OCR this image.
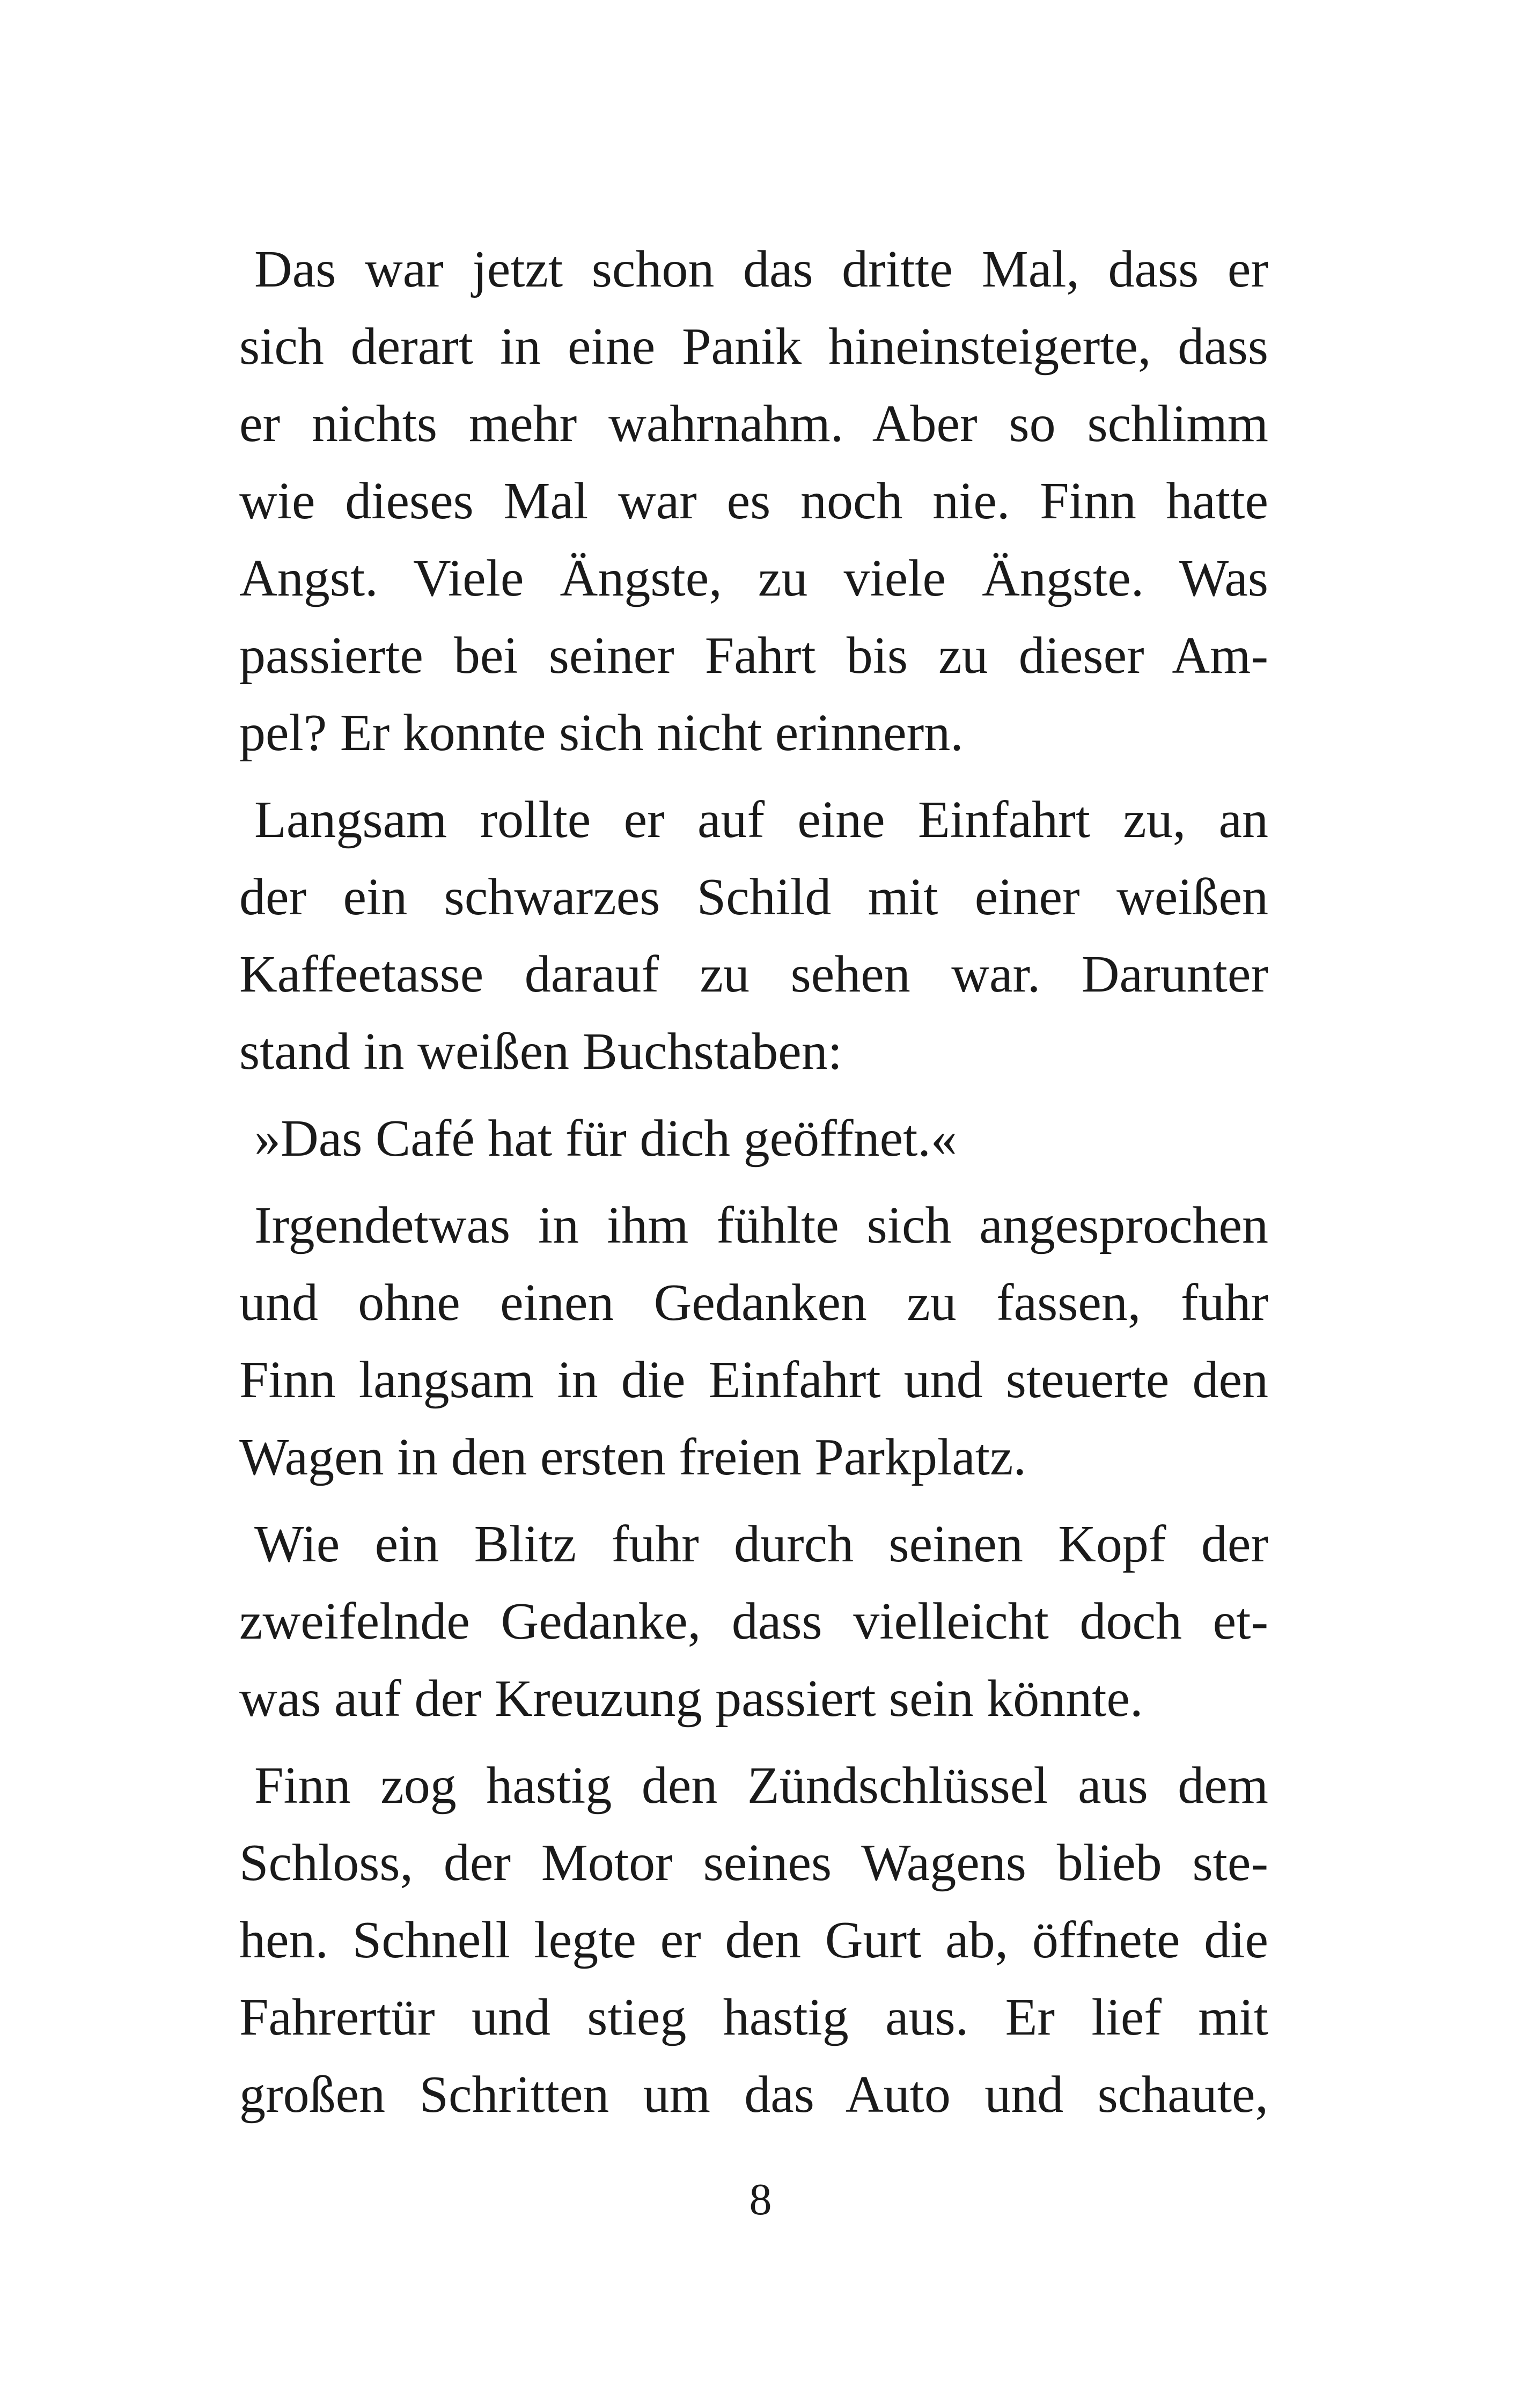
Das war jetzt schon das dritte Mal, dass er
sich derart in eine Panik hineinsteigerte, dass
er nichts mehr wahrnahm. Aber so schlimm
wie dieses Mal war es noch nie. Finn hatte
Angst. Viele Ängste, zu viele Ängste. Was
passierte bei seiner Fahrt bis zu dieser Am-
pel? Er konnte sich nicht erinnern.

Langsam rollte er auf eine Einfahrt zu, an
der ein schwarzes Schild mit einer weißen
Kaffeetasse darauf zu sehen war. Darunter
stand in weißen Buchstaben:

»Das Café hat für dich geöffnet.«

Irgendetwas in ihm fühlte sich angesprochen
und ohne einen Gedanken zu fassen, fuhr
Finn langsam in die Einfahrt und steuerte den
Wagen in den ersten freien Parkplatz.

Wie ein Blitz fuhr durch seinen Kopf der
zweifelnde Gedanke, dass vielleicht doch et-
was auf der Kreuzung passiert sein könnte.

Finn zog hastig den Zündschlüssel aus dem
Schloss, der Motor seines Wagens blieb ste-
hen. Schnell legte er den Gurt ab, öffnete die
Fahrertür und stieg hastig aus. Er lief mit
großen Schritten um das Auto und schaute,

8
